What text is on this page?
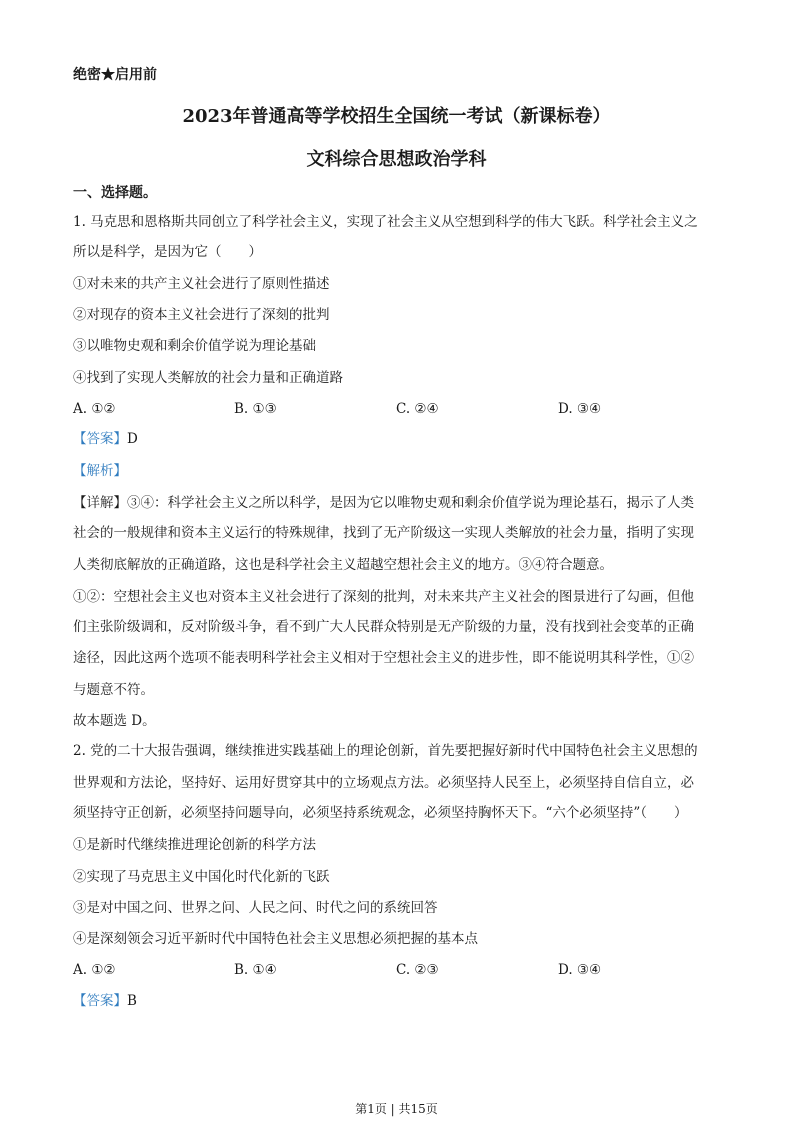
绝密★启用前
2023年普通高等学校招生全国统一考试（新课标卷）
文科综合思想政治学科
一、选择题。
1. 马克思和恩格斯共同创立了科学社会主义，实现了社会主义从空想到科学的伟大飞跃。科学社会主义之
所以是科学，是因为它（　　）
①对未来的共产主义社会进行了原则性描述
②对现存的资本主义社会进行了深刻的批判
③以唯物史观和剩余价值学说为理论基础
④找到了实现人类解放的社会力量和正确道路
A. ①②	B. ①③	C. ②④	D. ③④
【答案】D
【解析】
【详解】③④：科学社会主义之所以科学，是因为它以唯物史观和剩余价值学说为理论基石，揭示了人类
社会的一般规律和资本主义运行的特殊规律，找到了无产阶级这一实现人类解放的社会力量，指明了实现
人类彻底解放的正确道路，这也是科学社会主义超越空想社会主义的地方。③④符合题意。
①②：空想社会主义也对资本主义社会进行了深刻的批判，对未来共产主义社会的图景进行了勾画，但他
们主张阶级调和，反对阶级斗争，看不到广大人民群众特别是无产阶级的力量，没有找到社会变革的正确
途径，因此这两个选项不能表明科学社会主义相对于空想社会主义的进步性，即不能说明其科学性，①②
与题意不符。
故本题选 D。
2. 党的二十大报告强调，继续推进实践基础上的理论创新，首先要把握好新时代中国特色社会主义思想的
世界观和方法论，坚持好、运用好贯穿其中的立场观点方法。必须坚持人民至上，必须坚持自信自立，必
须坚持守正创新，必须坚持问题导向，必须坚持系统观念，必须坚持胸怀天下。“六个必须坚持”（　　）
①是新时代继续推进理论创新的科学方法
②实现了马克思主义中国化时代化新的飞跃
③是对中国之问、世界之问、人民之问、时代之问的系统回答
④是深刻领会习近平新时代中国特色社会主义思想必须把握的基本点
A. ①②	B. ①④	C. ②③	D. ③④
【答案】B
第1页 | 共15页
